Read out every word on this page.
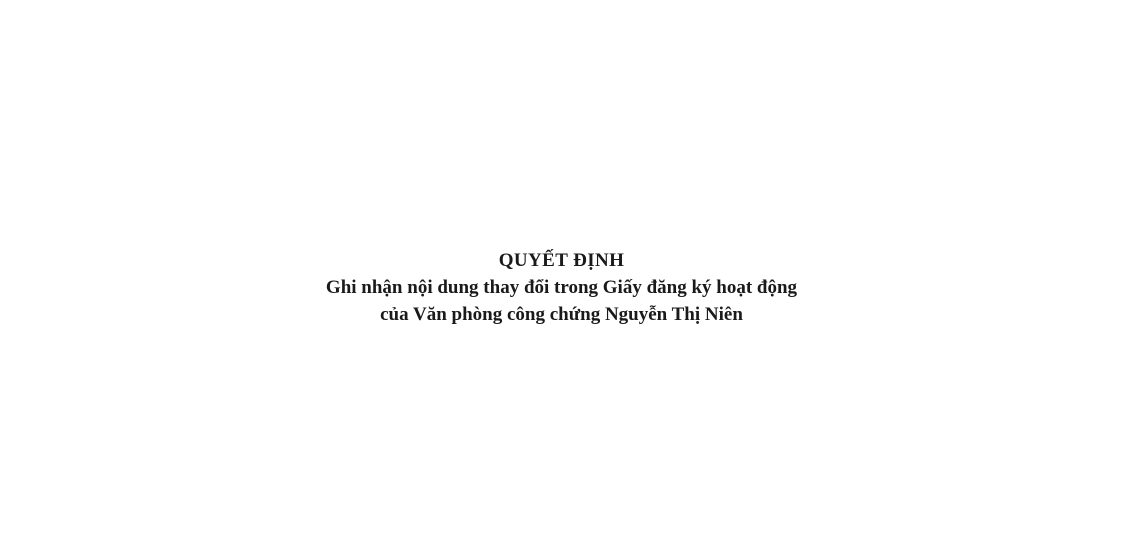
QUYẾT ĐỊNH

Ghi nhận nội dung thay đổi trong Giấy đăng ký hoạt động

của Văn phòng công chứng Nguyễn Thị Niên
